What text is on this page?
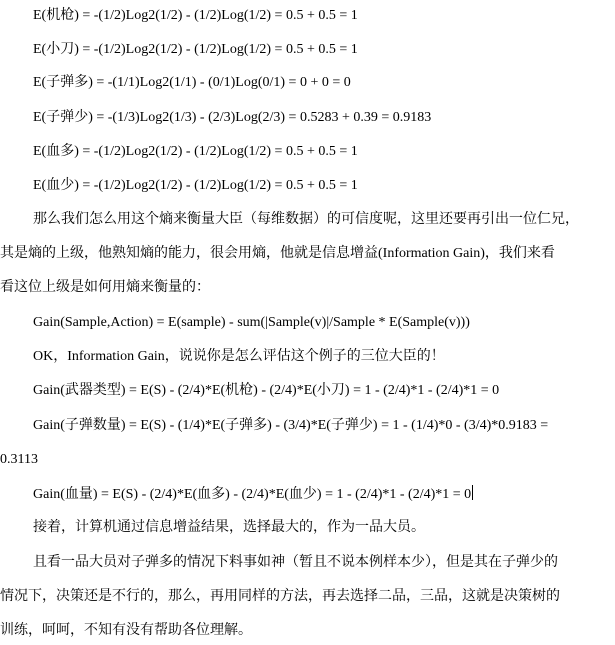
E(机枪) = -(1/2)Log2(1/2) - (1/2)Log(1/2) = 0.5 + 0.5 = 1
E(小刀) = -(1/2)Log2(1/2) - (1/2)Log(1/2) = 0.5 + 0.5 = 1
E(子弹多) = -(1/1)Log2(1/1) - (0/1)Log(0/1) = 0 + 0 = 0
E(子弹少) = -(1/3)Log2(1/3) - (2/3)Log(2/3) = 0.5283 + 0.39 = 0.9183
E(血多) = -(1/2)Log2(1/2) - (1/2)Log(1/2) = 0.5 + 0.5 = 1
E(血少) = -(1/2)Log2(1/2) - (1/2)Log(1/2) = 0.5 + 0.5 = 1
那么我们怎么用这个熵来衡量大臣（每维数据）的可信度呢，这里还要再引出一位仁兄，
其是熵的上级，他熟知熵的能力，很会用熵，他就是信息增益(Information Gain)，我们来看
看这位上级是如何用熵来衡量的：
Gain(Sample,Action) = E(sample) - sum(|Sample(v)|/Sample * E(Sample(v)))
OK，Information Gain，说说你是怎么评估这个例子的三位大臣的！
Gain(武器类型) = E(S) - (2/4)*E(机枪) - (2/4)*E(小刀) = 1 - (2/4)*1 - (2/4)*1 = 0
Gain(子弹数量) = E(S) - (1/4)*E(子弹多) - (3/4)*E(子弹少) = 1 - (1/4)*0 - (3/4)*0.9183 =
0.3113
Gain(血量) = E(S) - (2/4)*E(血多) - (2/4)*E(血少) = 1 - (2/4)*1 - (2/4)*1 = 0
接着，计算机通过信息增益结果，选择最大的，作为一品大员。
且看一品大员对子弹多的情况下料事如神（暂且不说本例样本少），但是其在子弹少的
情况下，决策还是不行的，那么，再用同样的方法，再去选择二品，三品，这就是决策树的
训练，呵呵，不知有没有帮助各位理解。
